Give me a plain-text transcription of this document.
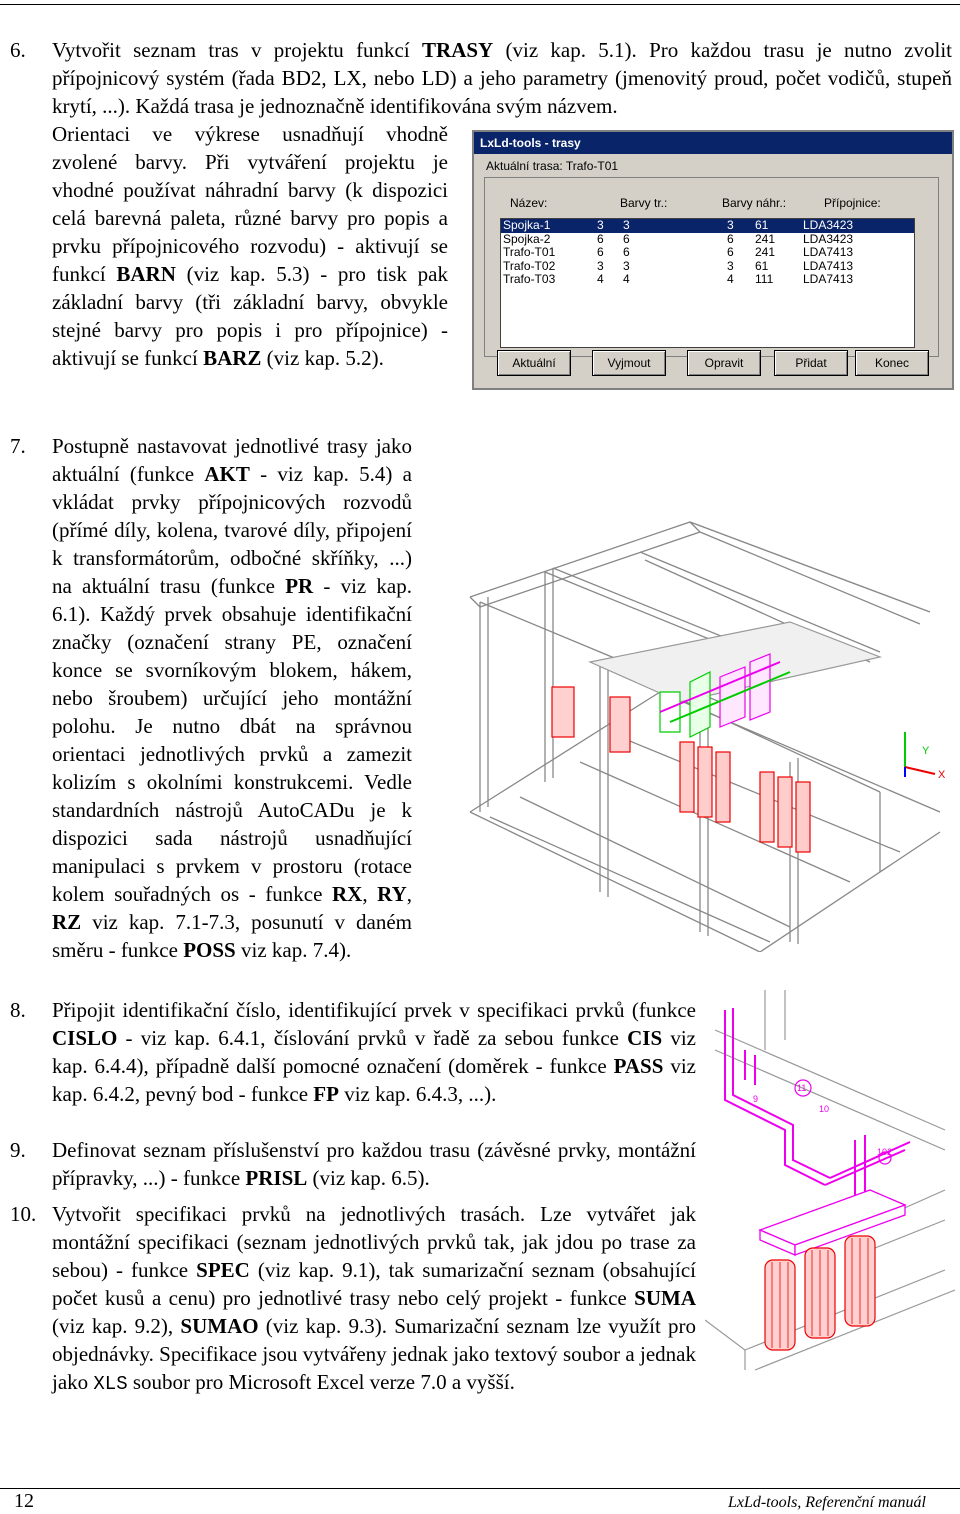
6. Vytvořit seznam tras v projektu funkcí TRASY (viz kap. 5.1). Pro každou trasu je nutno zvolit přípojnicový systém (řada BD2, LX, nebo LD) a jeho parametry (jmenovitý proud, počet vodičů, stupeň krytí, ...). Každá trasa je jednoznačně identifikována svým názvem.
Orientaci ve výkrese usnadňují vhodně zvolené barvy. Při vytváření projektu je vhodné používat náhradní barvy (k dispozici celá barevná paleta, různé barvy pro popis a prvku přípojnicového rozvodu) - aktivují se funkcí BARN (viz kap. 5.3) - pro tisk pak základní barvy (tři základní barvy, obvykle stejné barvy pro popis i pro přípojnice) - aktivují se funkcí BARZ (viz kap. 5.2).
LxLd-tools - trasy
Aktuální trasa: Trafo-T01
Název:	Barvy tr.:	Barvy náhr.:	Přípojnice:
Spojka-1	3 3	3 61	LDA3423
Spojka-2	6 6	6 241 LDA3423
Trafo-T01	6 6	6 241 LDA7413
Trafo-T02	3 3	3 61	LDA7413
Trafo-T03	4 4	4 111 LDA7413
Aktuální	Vyjmout	Opravit	Přidat	Konec
7. Postupně nastavovat jednotlivé trasy jako aktuální (funkce AKT - viz kap. 5.4) a vkládat prvky přípojnicových rozvodů (přímé díly, kolena, tvarové díly, připojení k transformátorům, odbočné skříňky, ...) na aktuální trasu (funkce PR - viz kap. 6.1). Každý prvek obsahuje identifikační značky (označení strany PE, označení konce se svorníkovým blokem, hákem, nebo šroubem) určující jeho montážní polohu. Je nutno dbát na správnou orientaci jednotlivých prvků a zamezit kolizím s okolními konstrukcemi. Vedle standardních nástrojů AutoCADu je k dispozici sada nástrojů usnadňující manipulaci s prvkem v prostoru (rotace kolem souřadných os - funkce RX, RY, RZ viz kap. 7.1-7.3, posunutí v daném směru - funkce POSS viz kap. 7.4).
Y
X
8. Připojit identifikační číslo, identifikující prvek v specifikaci prvků (funkce CISLO - viz kap. 6.4.1, číslování prvků v řadě za sebou funkce CIS viz kap. 6.4.4), případně další pomocné označení (doměrek - funkce PASS viz kap. 6.4.2, pevný bod - funkce FP viz kap. 6.4.3, ...).
9. Definovat seznam příslušenství pro každou trasu (závěsné prvky, montážní přípravky, ...) - funkce PRISL (viz kap. 6.5).
10. Vytvořit specifikaci prvků na jednotlivých trasách. Lze vytvářet jak montážní specifikaci (seznam jednotlivých prvků tak, jak jdou po trase za sebou) - funkce SPEC (viz kap. 9.1), tak sumarizační seznam (obsahující počet kusů a cenu) pro jednotlivé trasy nebo celý projekt - funkce SUMA (viz kap. 9.2), SUMAO (viz kap. 9.3). Sumarizační seznam lze využít pro objednávky. Specifikace jsou vytvářeny jednak jako textový soubor a jednak jako XLS soubor pro Microsoft Excel verze 7.0 a vyšší.
11
10
9
102
12	LxLd-tools, Referenční manuál
